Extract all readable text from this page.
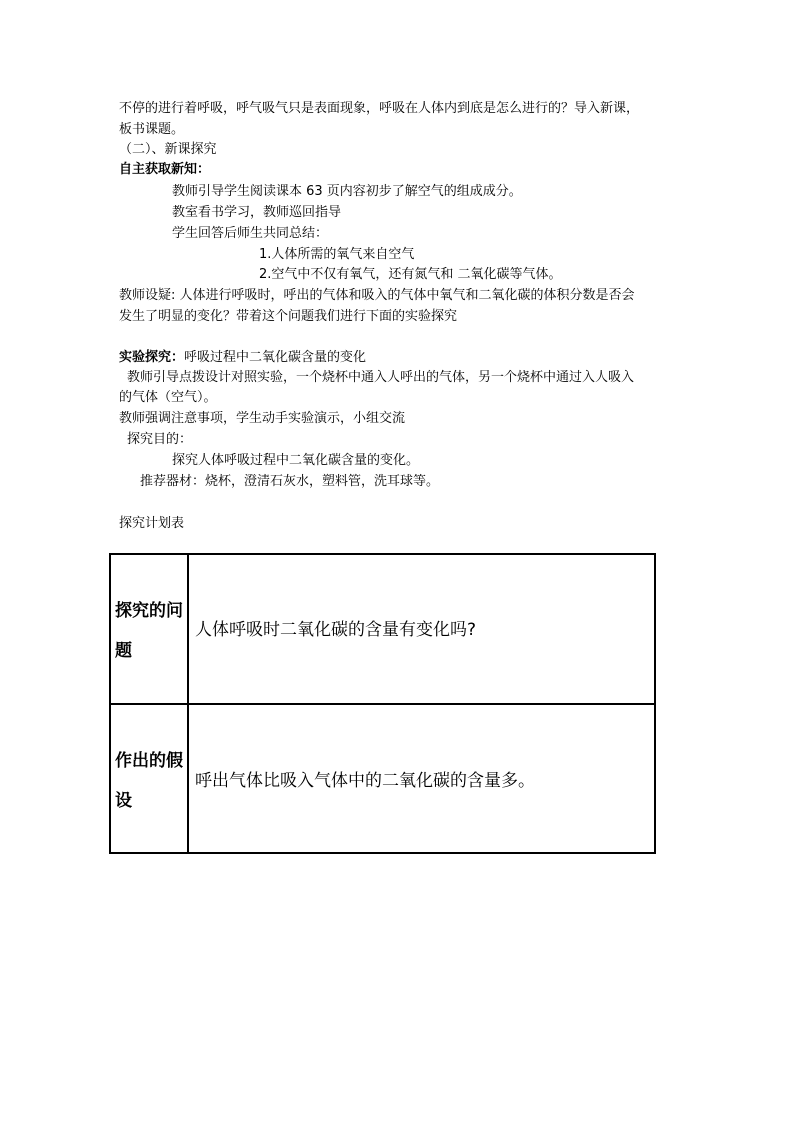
不停的进行着呼吸，呼气吸气只是表面现象，呼吸在人体内到底是怎么进行的？导入新课，
板书课题。
（二）、新课探究
自主获取新知：
教师引导学生阅读课本 63 页内容初步了解空气的组成成分。
教室看书学习，教师巡回指导
学生回答后师生共同总结：
1.人体所需的氧气来自空气
2.空气中不仅有氧气，还有氮气和 二氧化碳等气体。
教师设疑: 人体进行呼吸时，呼出的气体和吸入的气体中氧气和二氧化碳的体积分数是否会
发生了明显的变化？带着这个问题我们进行下面的实验探究
实验探究：呼吸过程中二氧化碳含量的变化
教师引导点拨设计对照实验，一个烧杯中通入人呼出的气体，另一个烧杯中通过入人吸入
的气体（空气）。
教师强调注意事项，学生动手实验演示，小组交流
探究目的：
探究人体呼吸过程中二氧化碳含量的变化。
推荐器材：烧杯，澄清石灰水，塑料管，洗耳球等。
探究计划表
探究的问题
人体呼吸时二氧化碳的含量有变化吗?
作出的假设
呼出气体比吸入气体中的二氧化碳的含量多。
